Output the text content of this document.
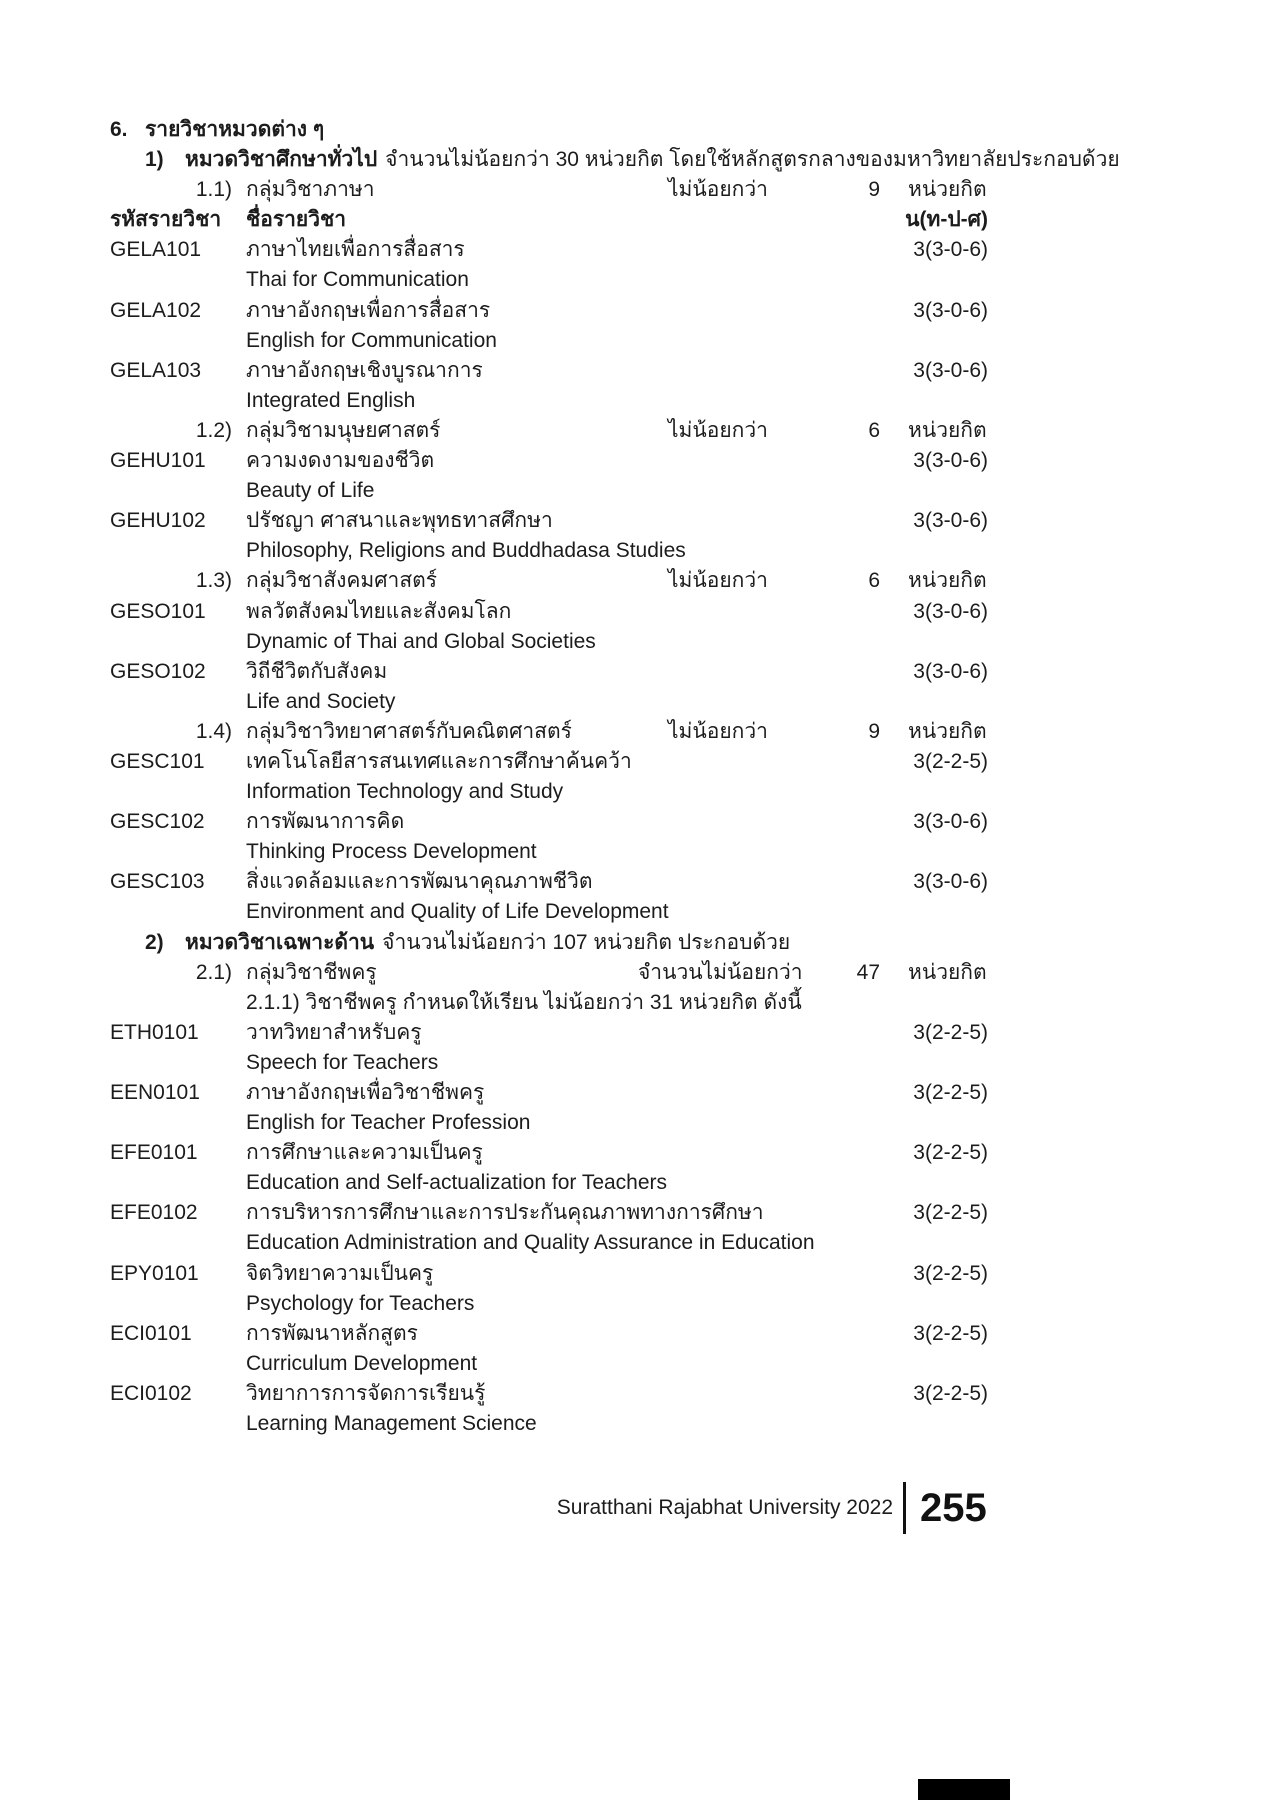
6. รายวิชาหมวดต่าง ๆ
1) หมวดวิชาศึกษาทั่วไป จำนวนไม่น้อยกว่า 30 หน่วยกิต โดยใช้หลักสูตรกลางของมหาวิทยาลัยประกอบด้วย
1.1) กลุ่มวิชาภาษา	ไม่น้อยกว่า	9 หน่วยกิต
รหัสรายวิชา ชื่อรายวิชา	น(ท-ป-ศ)
GELA101 ภาษาไทยเพื่อการสื่อสาร	3(3-0-6)
Thai for Communication
GELA102 ภาษาอังกฤษเพื่อการสื่อสาร	3(3-0-6)
English for Communication
GELA103 ภาษาอังกฤษเชิงบูรณาการ	3(3-0-6)
Integrated English
1.2) กลุ่มวิชามนุษยศาสตร์	ไม่น้อยกว่า	6 หน่วยกิต
GEHU101 ความงดงามของชีวิต	3(3-0-6)
Beauty of Life
GEHU102 ปรัชญา ศาสนาและพุทธทาสศึกษา	3(3-0-6)
Philosophy, Religions and Buddhadasa Studies
1.3) กลุ่มวิชาสังคมศาสตร์	ไม่น้อยกว่า	6 หน่วยกิต
GESO101 พลวัตสังคมไทยและสังคมโลก	3(3-0-6)
Dynamic of Thai and Global Societies
GESO102 วิถีชีวิตกับสังคม	3(3-0-6)
Life and Society
1.4) กลุ่มวิชาวิทยาศาสตร์กับคณิตศาสตร์	ไม่น้อยกว่า	9 หน่วยกิต
GESC101 เทคโนโลยีสารสนเทศและการศึกษาค้นคว้า	3(2-2-5)
Information Technology and Study
GESC102 การพัฒนาการคิด	3(3-0-6)
Thinking Process Development
GESC103 สิ่งแวดล้อมและการพัฒนาคุณภาพชีวิต	3(3-0-6)
Environment and Quality of Life Development
2) หมวดวิชาเฉพาะด้าน จำนวนไม่น้อยกว่า 107 หน่วยกิต ประกอบด้วย
2.1) กลุ่มวิชาชีพครู	จำนวนไม่น้อยกว่า	47 หน่วยกิต
2.1.1) วิชาชีพครู กำหนดให้เรียน ไม่น้อยกว่า 31 หน่วยกิต ดังนี้
ETH0101 วาทวิทยาสำหรับครู	3(2-2-5)
Speech for Teachers
EEN0101 ภาษาอังกฤษเพื่อวิชาชีพครู	3(2-2-5)
English for Teacher Profession
EFE0101 การศึกษาและความเป็นครู	3(2-2-5)
Education and Self-actualization for Teachers
EFE0102 การบริหารการศึกษาและการประกันคุณภาพทางการศึกษา	3(2-2-5)
Education Administration and Quality Assurance in Education
EPY0101 จิตวิทยาความเป็นครู	3(2-2-5)
Psychology for Teachers
ECI0101	การพัฒนาหลักสูตร	3(2-2-5)
Curriculum Development
ECI0102	วิทยาการการจัดการเรียนรู้	3(2-2-5)
Learning Management Science
Suratthani Rajabhat University 2022 255
